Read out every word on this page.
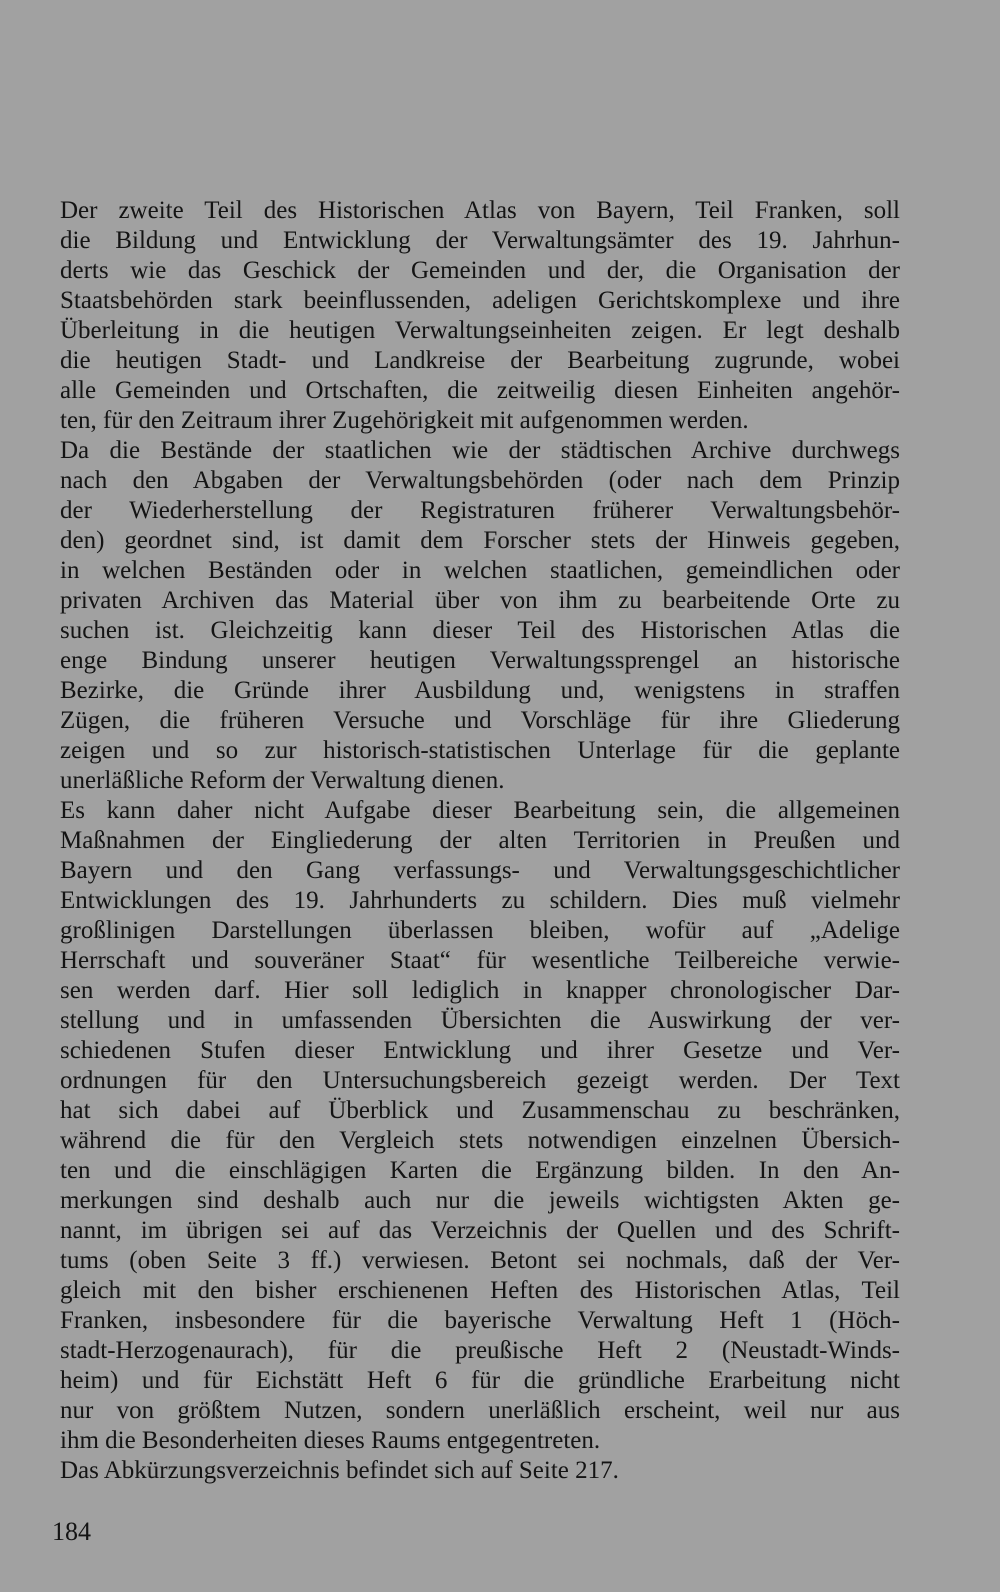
Der zweite Teil des Historischen Atlas von Bayern, Teil Franken, soll
die Bildung und Entwicklung der Verwaltungsämter des 19. Jahrhun-
derts wie das Geschick der Gemeinden und der, die Organisation der
Staatsbehörden stark beeinflussenden, adeligen Gerichtskomplexe und ihre
Überleitung in die heutigen Verwaltungseinheiten zeigen. Er legt deshalb
die heutigen Stadt- und Landkreise der Bearbeitung zugrunde, wobei
alle Gemeinden und Ortschaften, die zeitweilig diesen Einheiten angehör-
ten, für den Zeitraum ihrer Zugehörigkeit mit aufgenommen werden.
Da die Bestände der staatlichen wie der städtischen Archive durchwegs
nach den Abgaben der Verwaltungsbehörden (oder nach dem Prinzip
der Wiederherstellung der Registraturen früherer Verwaltungsbehör-
den) geordnet sind, ist damit dem Forscher stets der Hinweis gegeben,
in welchen Beständen oder in welchen staatlichen, gemeindlichen oder
privaten Archiven das Material über von ihm zu bearbeitende Orte zu
suchen ist. Gleichzeitig kann dieser Teil des Historischen Atlas die
enge Bindung unserer heutigen Verwaltungssprengel an historische
Bezirke, die Gründe ihrer Ausbildung und, wenigstens in straffen
Zügen, die früheren Versuche und Vorschläge für ihre Gliederung
zeigen und so zur historisch-statistischen Unterlage für die geplante
unerläßliche Reform der Verwaltung dienen.
Es kann daher nicht Aufgabe dieser Bearbeitung sein, die allgemeinen
Maßnahmen der Eingliederung der alten Territorien in Preußen und
Bayern und den Gang verfassungs- und Verwaltungsgeschichtlicher
Entwicklungen des 19. Jahrhunderts zu schildern. Dies muß vielmehr
großlinigen Darstellungen überlassen bleiben, wofür auf „Adelige
Herrschaft und souveräner Staat“ für wesentliche Teilbereiche verwie-
sen werden darf. Hier soll lediglich in knapper chronologischer Dar-
stellung und in umfassenden Übersichten die Auswirkung der ver-
schiedenen Stufen dieser Entwicklung und ihrer Gesetze und Ver-
ordnungen für den Untersuchungsbereich gezeigt werden. Der Text
hat sich dabei auf Überblick und Zusammenschau zu beschränken,
während die für den Vergleich stets notwendigen einzelnen Übersich-
ten und die einschlägigen Karten die Ergänzung bilden. In den An-
merkungen sind deshalb auch nur die jeweils wichtigsten Akten ge-
nannt, im übrigen sei auf das Verzeichnis der Quellen und des Schrift-
tums (oben Seite 3 ff.) verwiesen. Betont sei nochmals, daß der Ver-
gleich mit den bisher erschienenen Heften des Historischen Atlas, Teil
Franken, insbesondere für die bayerische Verwaltung Heft 1 (Höch-
stadt-Herzogenaurach), für die preußische Heft 2 (Neustadt-Winds-
heim) und für Eichstätt Heft 6 für die gründliche Erarbeitung nicht
nur von größtem Nutzen, sondern unerläßlich erscheint, weil nur aus
ihm die Besonderheiten dieses Raums entgegentreten.
Das Abkürzungsverzeichnis befindet sich auf Seite 217.
184
